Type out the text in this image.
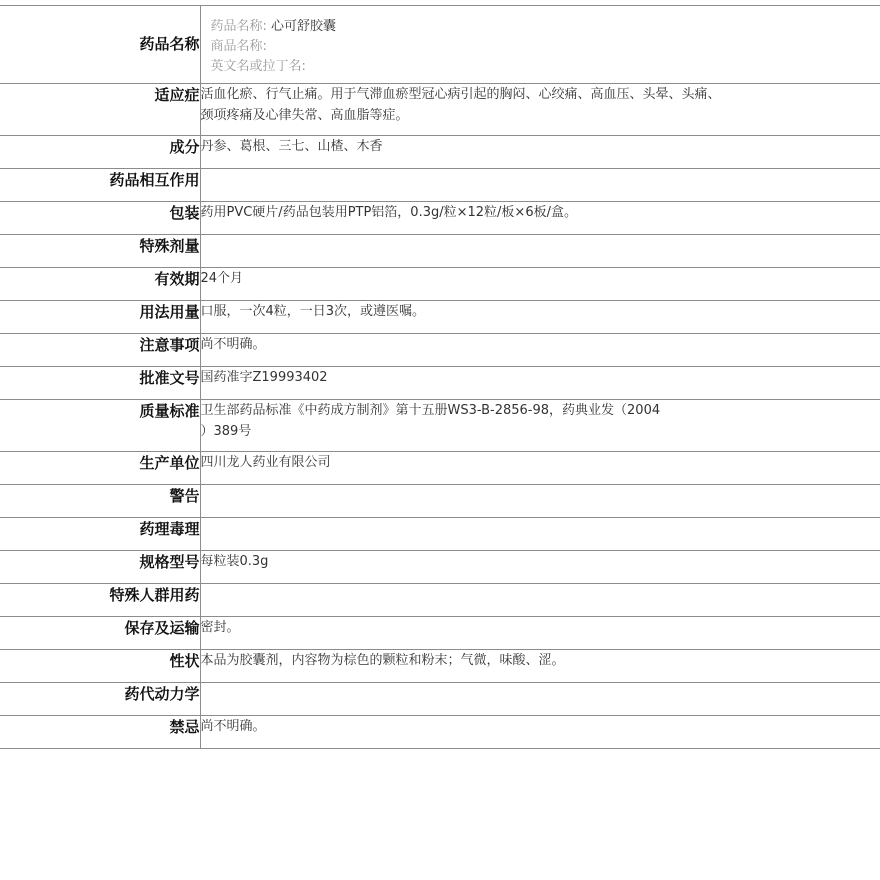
药品名称	药品名称: 心可舒胶囊
商品名称:
英文名或拉丁名:

适应症	活血化瘀、行气止痛。用于气滞血瘀型冠心病引起的胸闷、心绞痛、高血压、头晕、头痛、
颈项疼痛及心律失常、高血脂等症。
成分	丹参、葛根、三七、山楂、木香
药品相互作用	
包装	药用PVC硬片/药品包装用PTP铝箔，0.3g/粒×12粒/板×6板/盒。
特殊剂量	
有效期	24个月
用法用量	口服，一次4粒，一日3次，或遵医嘱。
注意事项	尚不明确。
批准文号	国药准字Z19993402
质量标准	卫生部药品标准《中药成方制剂》第十五册WS3-B-2856-98，药典业发（2004
）389号
生产单位	四川龙人药业有限公司
警告	
药理毒理	
规格型号	每粒装0.3g
特殊人群用药	
保存及运输	密封。
性状	本品为胶囊剂，内容物为棕色的颗粒和粉末；气微，味酸、涩。
药代动力学	
禁忌	尚不明确。
